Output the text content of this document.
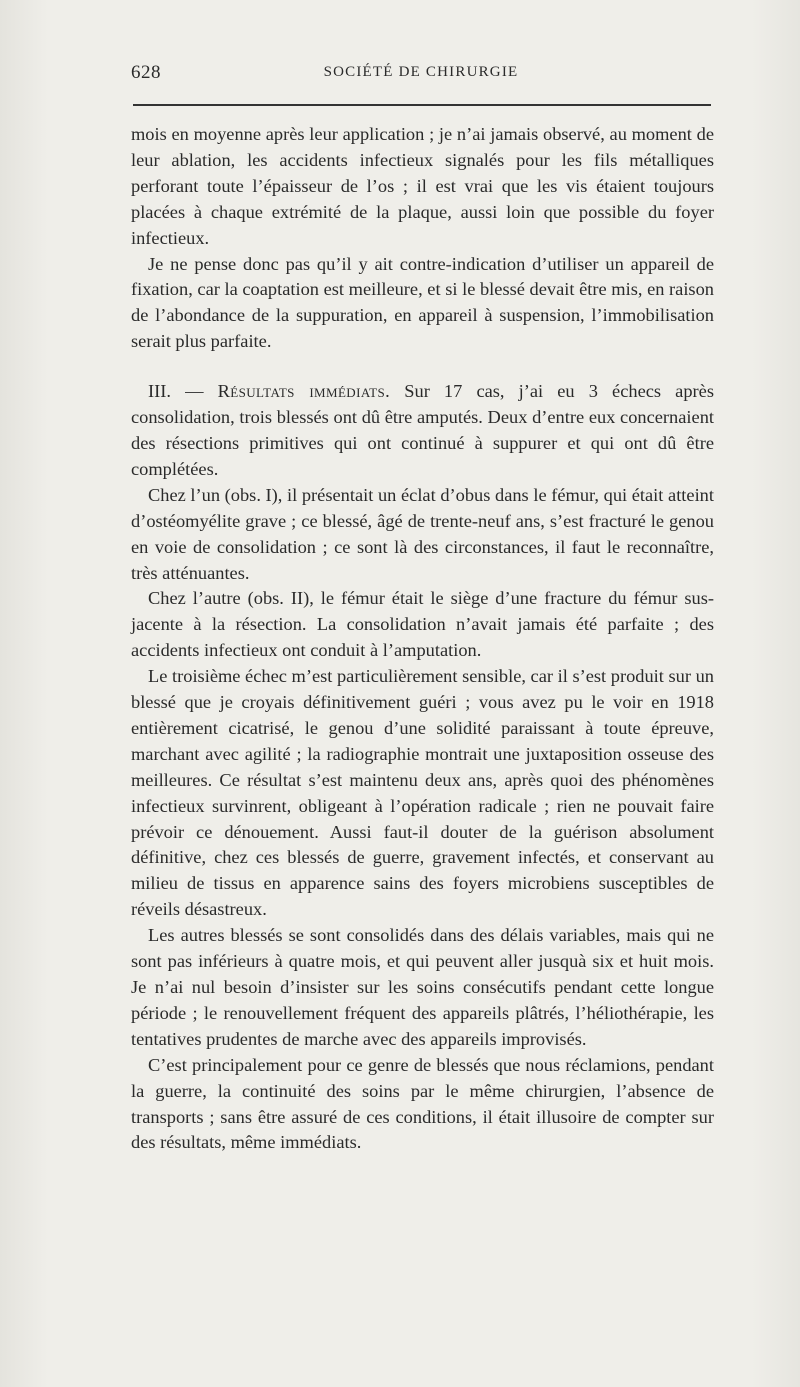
628	SOCIÉTÉ DE CHIRURGIE

mois en moyenne après leur application ; je n’ai jamais observé, au moment de leur ablation, les accidents infectieux signalés pour les fils métalliques perforant toute l’épaisseur de l’os ; il est vrai que les vis étaient toujours placées à chaque extrémité de la plaque, aussi loin que possible du foyer infectieux.

Je ne pense donc pas qu’il y ait contre-indication d’utiliser un appareil de fixation, car la coaptation est meilleure, et si le blessé devait être mis, en raison de l’abondance de la suppuration, en appareil à suspension, l’immobilisation serait plus parfaite.

III. — Résultats immédiats. Sur 17 cas, j’ai eu 3 échecs après consolidation, trois blessés ont dû être amputés. Deux d’entre eux concernaient des résections primitives qui ont continué à suppurer et qui ont dû être complétées.

Chez l’un (obs. I), il présentait un éclat d’obus dans le fémur, qui était atteint d’ostéomyélite grave ; ce blessé, âgé de trente-neuf ans, s’est fracturé le genou en voie de consolidation ; ce sont là des circonstances, il faut le reconnaître, très atténuantes.

Chez l’autre (obs. II), le fémur était le siège d’une fracture du fémur sus-jacente à la résection. La consolidation n’avait jamais été parfaite ; des accidents infectieux ont conduit à l’amputation.

Le troisième échec m’est particulièrement sensible, car il s’est produit sur un blessé que je croyais définitivement guéri ; vous avez pu le voir en 1918 entièrement cicatrisé, le genou d’une solidité paraissant à toute épreuve, marchant avec agilité ; la radiographie montrait une juxtaposition osseuse des meilleures. Ce résultat s’est maintenu deux ans, après quoi des phénomènes infectieux survinrent, obligeant à l’opération radicale ; rien ne pouvait faire prévoir ce dénouement. Aussi faut-il douter de la guérison absolument définitive, chez ces blessés de guerre, gravement infectés, et conservant au milieu de tissus en apparence sains des foyers microbiens susceptibles de réveils désastreux.

Les autres blessés se sont consolidés dans des délais variables, mais qui ne sont pas inférieurs à quatre mois, et qui peuvent aller jusquà six et huit mois. Je n’ai nul besoin d’insister sur les soins consécutifs pendant cette longue période ; le renouvellement fréquent des appareils plâtrés, l’héliothérapie, les tentatives prudentes de marche avec des appareils improvisés.

C’est principalement pour ce genre de blessés que nous réclamions, pendant la guerre, la continuité des soins par le même chirurgien, l’absence de transports ; sans être assuré de ces conditions, il était illusoire de compter sur des résultats, même immédiats.
